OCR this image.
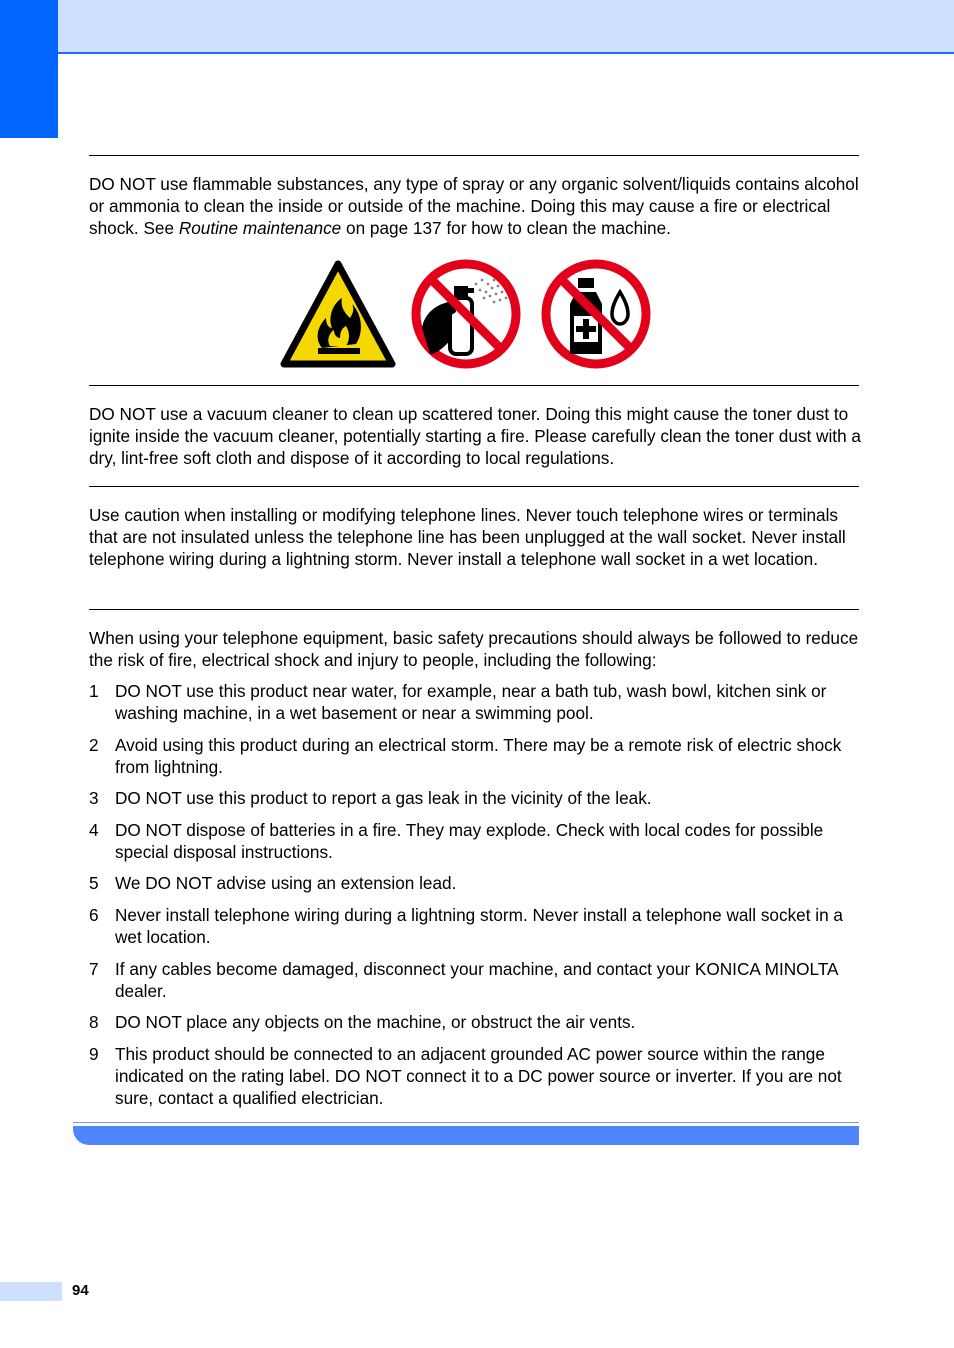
DO NOT use flammable substances, any type of spray or any organic solvent/liquids contains alcohol or ammonia to clean the inside or outside of the machine. Doing this may cause a fire or electrical shock. See Routine maintenance on page 137 for how to clean the machine.

DO NOT use a vacuum cleaner to clean up scattered toner. Doing this might cause the toner dust to ignite inside the vacuum cleaner, potentially starting a fire. Please carefully clean the toner dust with a dry, lint-free soft cloth and dispose of it according to local regulations.

Use caution when installing or modifying telephone lines. Never touch telephone wires or terminals that are not insulated unless the telephone line has been unplugged at the wall socket. Never install telephone wiring during a lightning storm. Never install a telephone wall socket in a wet location.

When using your telephone equipment, basic safety precautions should always be followed to reduce the risk of fire, electrical shock and injury to people, including the following:

1 DO NOT use this product near water, for example, near a bath tub, wash bowl, kitchen sink or washing machine, in a wet basement or near a swimming pool.
2 Avoid using this product during an electrical storm. There may be a remote risk of electric shock from lightning.
3 DO NOT use this product to report a gas leak in the vicinity of the leak.
4 DO NOT dispose of batteries in a fire. They may explode. Check with local codes for possible special disposal instructions.
5 We DO NOT advise using an extension lead.
6 Never install telephone wiring during a lightning storm. Never install a telephone wall socket in a wet location.
7 If any cables become damaged, disconnect your machine, and contact your KONICA MINOLTA dealer.
8 DO NOT place any objects on the machine, or obstruct the air vents.
9 This product should be connected to an adjacent grounded AC power source within the range indicated on the rating label. DO NOT connect it to a DC power source or inverter. If you are not sure, contact a qualified electrician.
94
